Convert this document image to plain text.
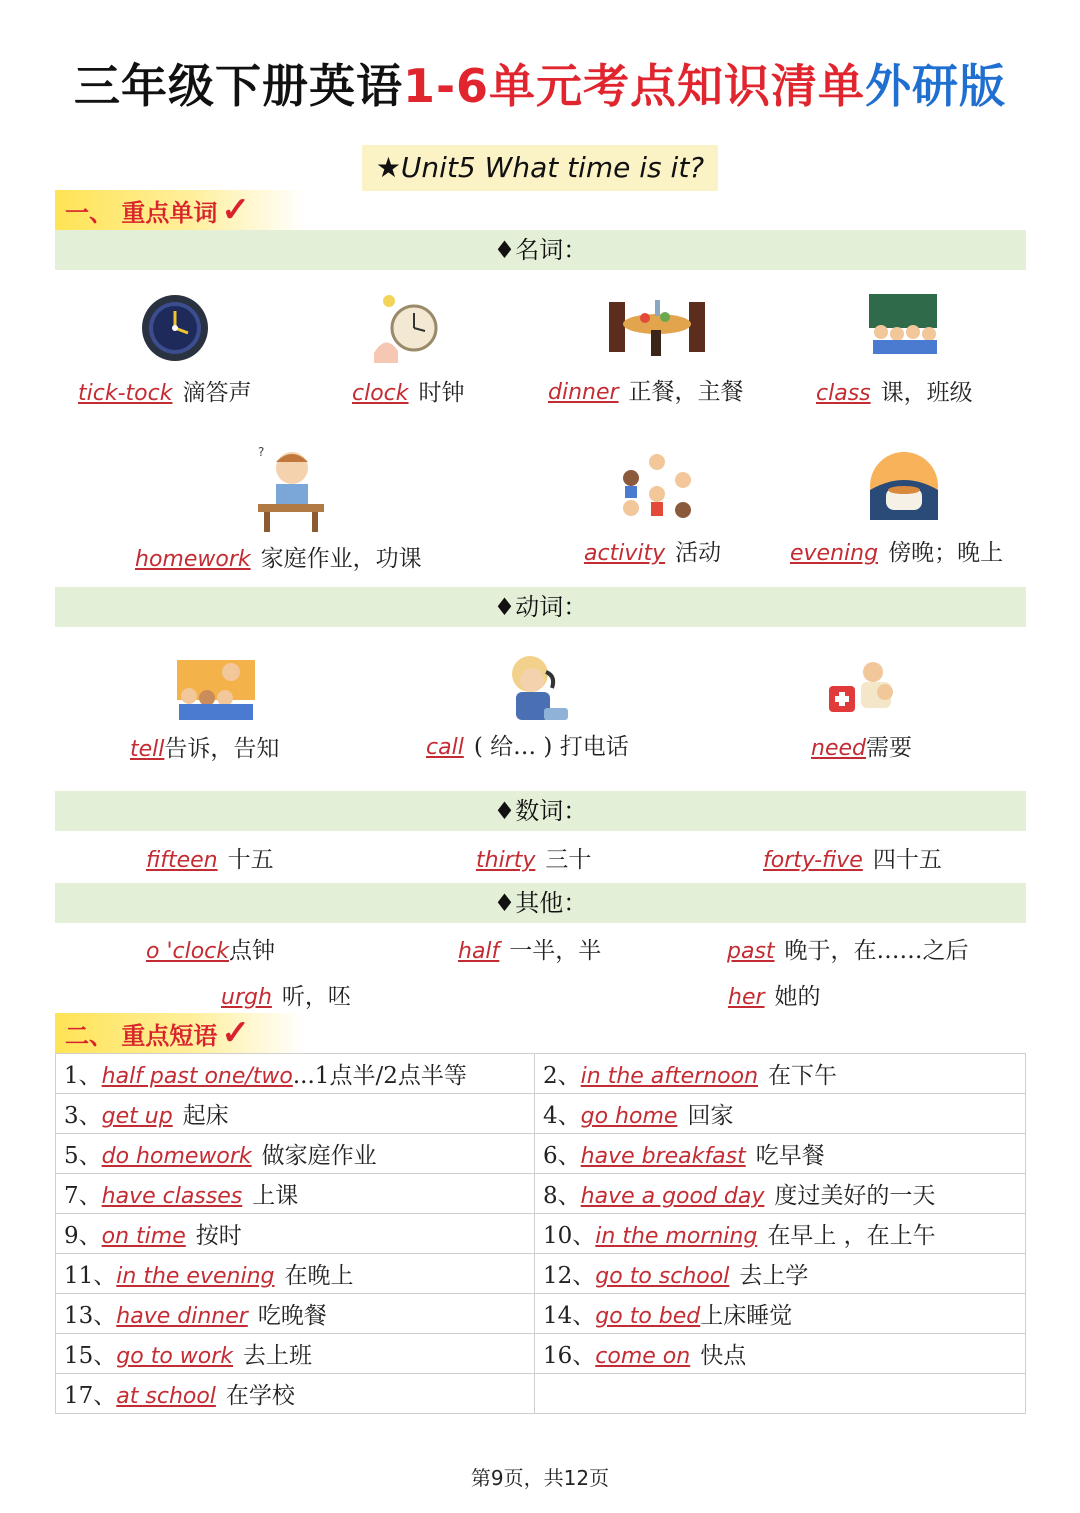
三年级下册英语1-6单元考点知识清单外研版
★Unit5 What time is it?
一、 重点单词 ✓
♦名词：
?
tick-tock 滴答声	clock 时钟	dinner 正餐，主餐	class 课，班级
homework 家庭作业，功课	activity 活动	evening 傍晚；晚上
♦动词：
tell告诉，告知	call ( 给… ) 打电话	need需要
♦数词：
fifteen 十五	thirty 三十	forty-five 四十五
♦其他：
o 'clock点钟	half 一半，半	past 晚于，在……之后
urgh 听，呸	her 她的
二、 重点短语 ✓
1、half past one/two...1点半/2点半等	2、in the afternoon 在下午
3、get up 起床	4、go home 回家
5、do homework 做家庭作业	6、have breakfast 吃早餐
7、have classes 上课	8、have a good day 度过美好的一天
9、on time 按时	10、in the morning 在早上 ，在上午
11、in the evening 在晚上	12、go to school 去上学
13、have dinner 吃晚餐	14、go to bed上床睡觉
15、go to work 去上班	16、come on 快点
17、at school 在学校	
第9页，共12页
